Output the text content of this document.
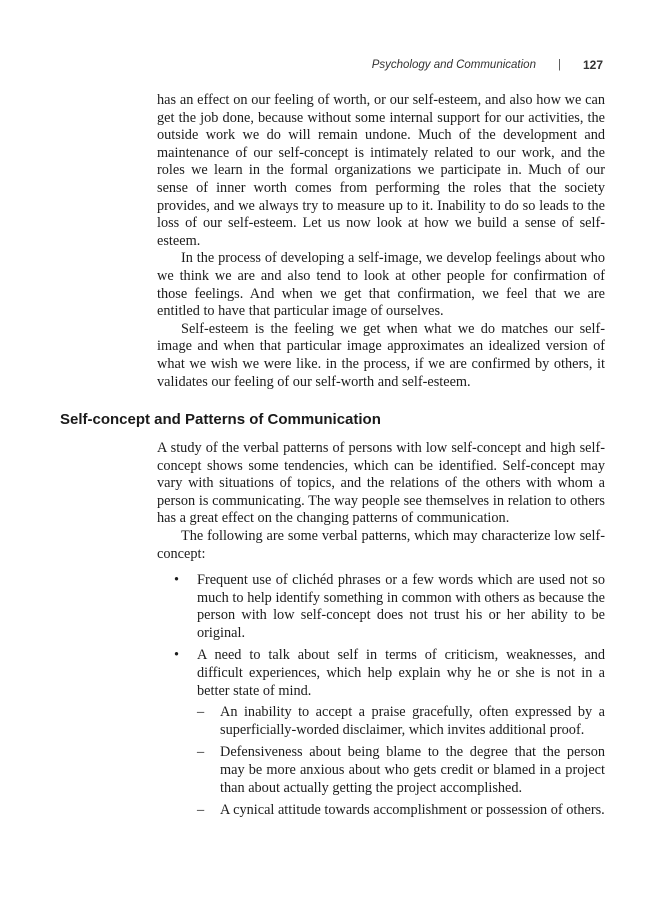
Psychology and Communication | 127

has an effect on our feeling of worth, or our self-esteem, and also how we can get the job done, because without some internal support for our activities, the outside work we do will remain undone. Much of the development and maintenance of our self-concept is intimately related to our work, and the roles we learn in the formal organizations we participate in. Much of our sense of inner worth comes from performing the roles that the society provides, and we always try to measure up to it. Inability to do so leads to the loss of our self-esteem. Let us now look at how we build a sense of self-esteem.

In the process of developing a self-image, we develop feelings about who we think we are and also tend to look at other people for confirmation of those feelings. And when we get that confirmation, we feel that we are entitled to have that particular image of ourselves.

Self-esteem is the feeling we get when what we do matches our self-image and when that particular image approximates an idealized version of what we wish we were like. in the process, if we are confirmed by others, it validates our feeling of our self-worth and self-esteem.

Self-concept and Patterns of Communication

A study of the verbal patterns of persons with low self-concept and high self-concept shows some tendencies, which can be identified. Self-concept may vary with situations of topics, and the relations of the others with whom a person is communicating. The way people see themselves in relation to others has a great effect on the changing patterns of communication.

The following are some verbal patterns, which may characterize low self-concept:

• Frequent use of clichéd phrases or a few words which are used not so much to help identify something in common with others as because the person with low self-concept does not trust his or her ability to be original.
• A need to talk about self in terms of criticism, weaknesses, and difficult experiences, which help explain why he or she is not in a better state of mind.
– An inability to accept a praise gracefully, often expressed by a superficially-worded disclaimer, which invites additional proof.
– Defensiveness about being blame to the degree that the person may be more anxious about who gets credit or blamed in a project than about actually getting the project accomplished.
– A cynical attitude towards accomplishment or possession of others.
